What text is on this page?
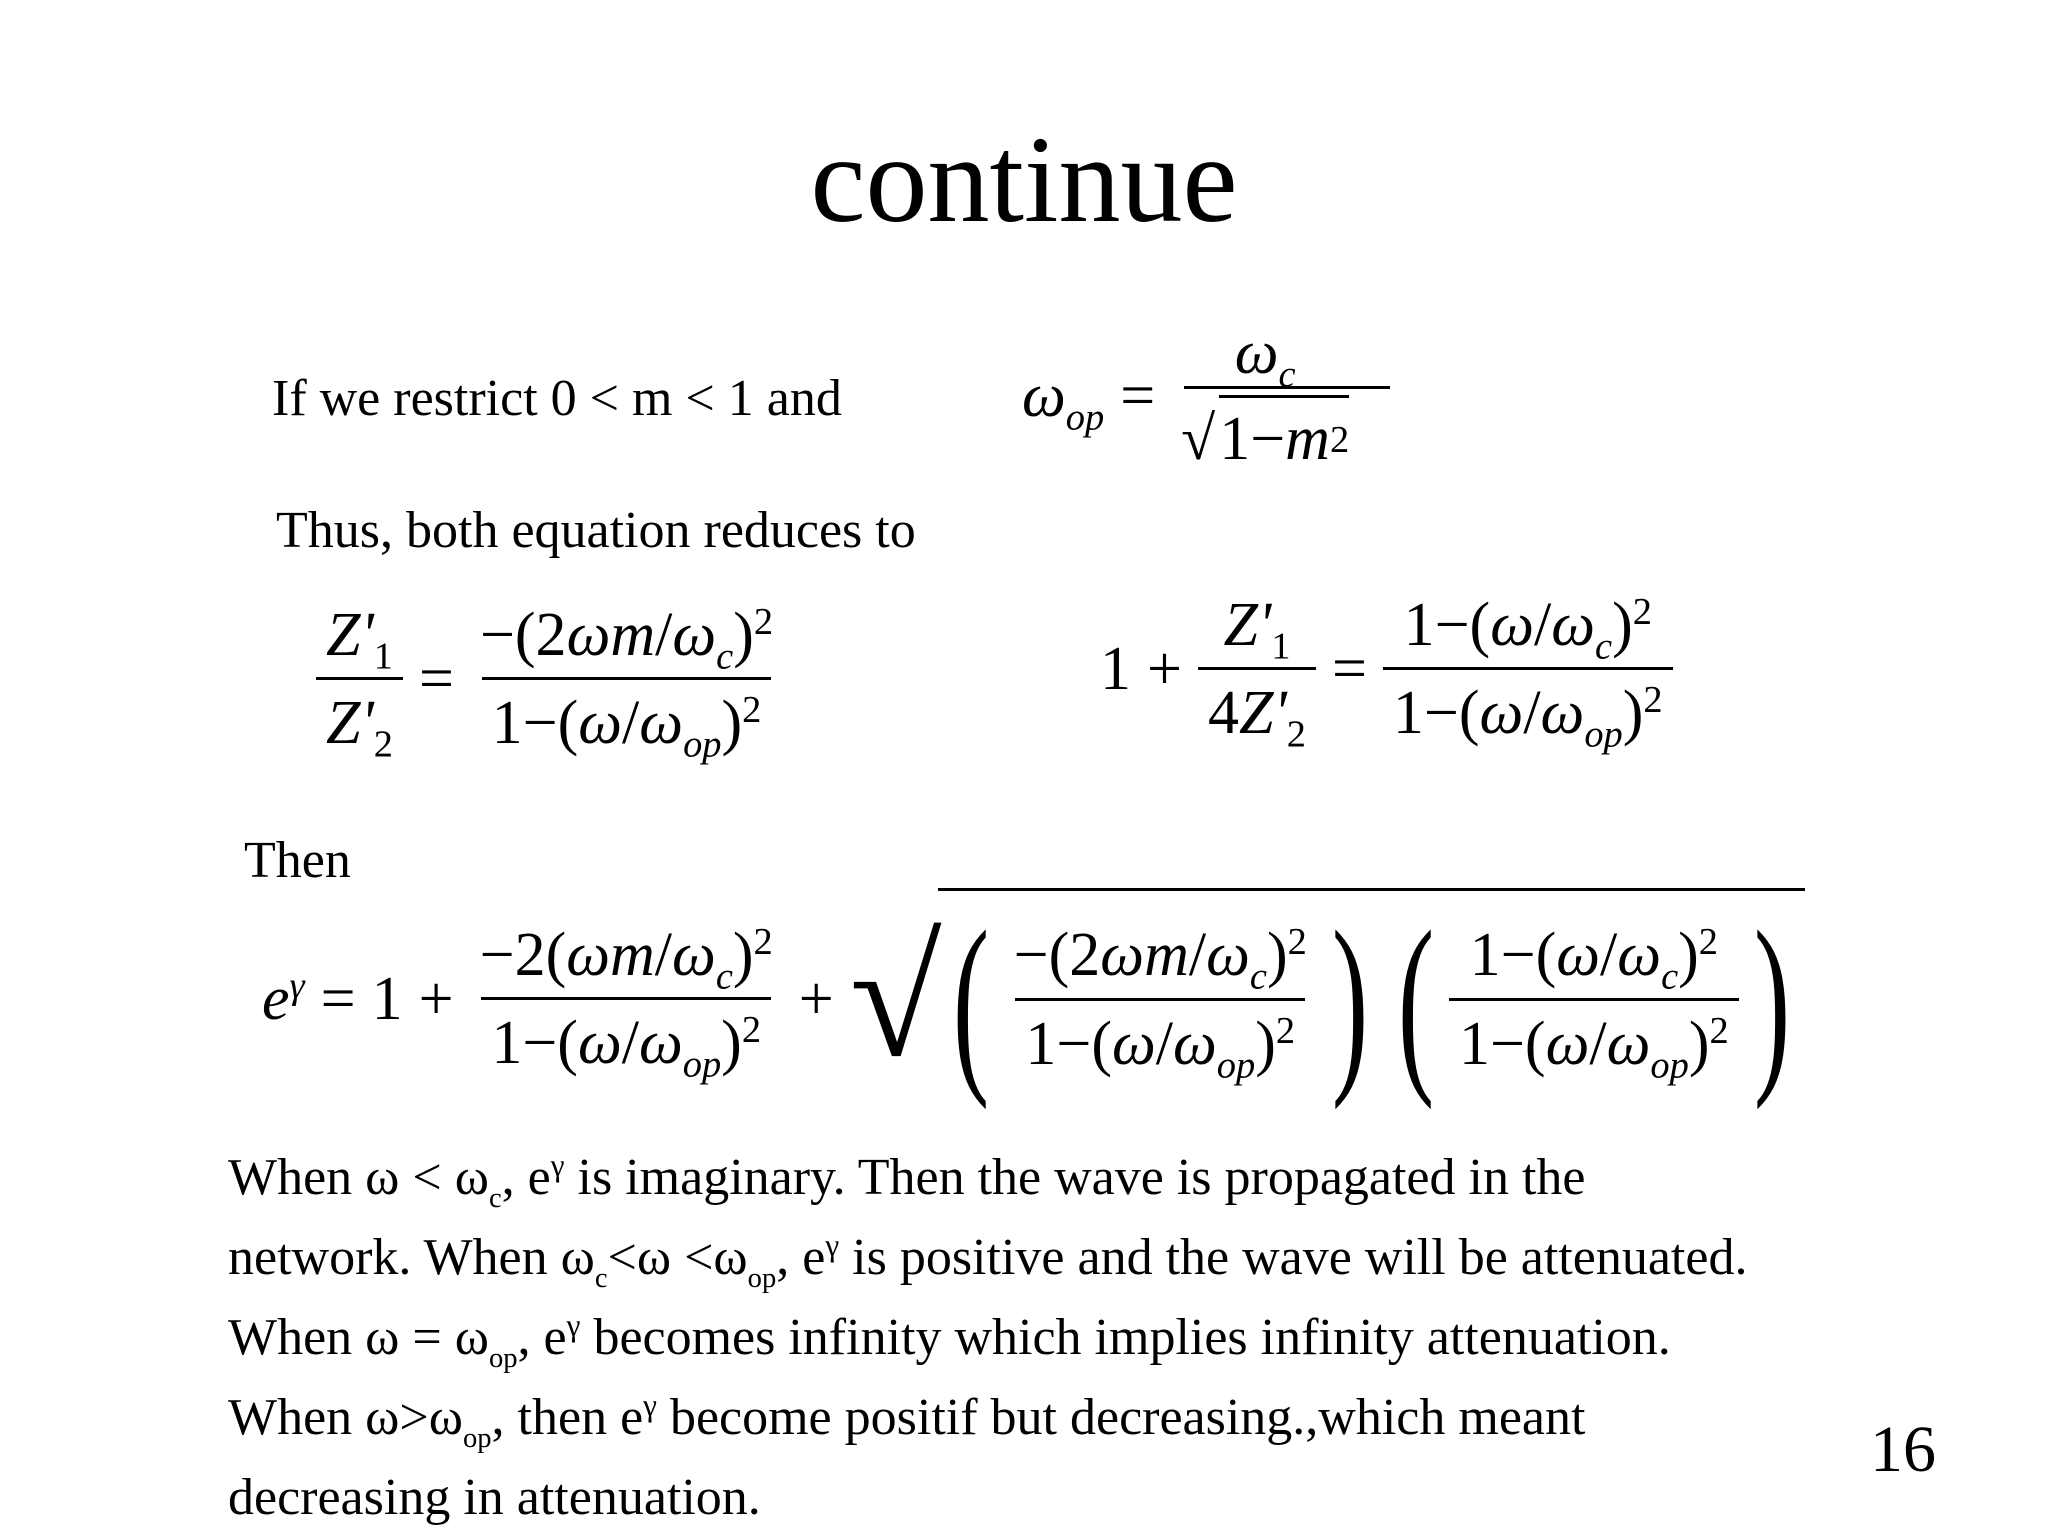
continue
If we restrict 0 < m < 1 and	$\omega_{op}$ =
$\omega_c$
√ 1 − m 2
Thus, both equation reduces to
$\frac{Z'_1}{Z'_2} = \frac{-(2\omega m/\omega_c)^2}{1-(\omega/\omega_{op})^2}$	$1 + \frac{Z'_1}{4Z'_2} = \frac{1-(\omega/\omega_c)^2}{1-(\omega/\omega_{op})^2}$
Then
$e^\gamma = 1 + \frac{-2(\omega m/\omega_c)^2}{1-(\omega/\omega_{op})^2}$ + √ ( $\frac{-(2\omega m/\omega_c)^2}{1-(\omega/\omega_{op})^2}$ ) ( $\frac{1-(\omega/\omega_c)^2}{1-(\omega/\omega_{op})^2}$ )
When $\omega < \omega_c$, $e^\gamma$ is imaginary. Then the wave is propagated in the
network. When $\omega_c<\omega <\omega_{op}$, $e^\gamma$ is positive and the wave will be attenuated.
When $\omega = \omega_{op}$, $e^\gamma$ becomes infinity which implies infinity attenuation.
When $\omega>\omega_{op}$, then $e^\gamma$ become positif but decreasing.,which meant
decreasing in attenuation.
16
